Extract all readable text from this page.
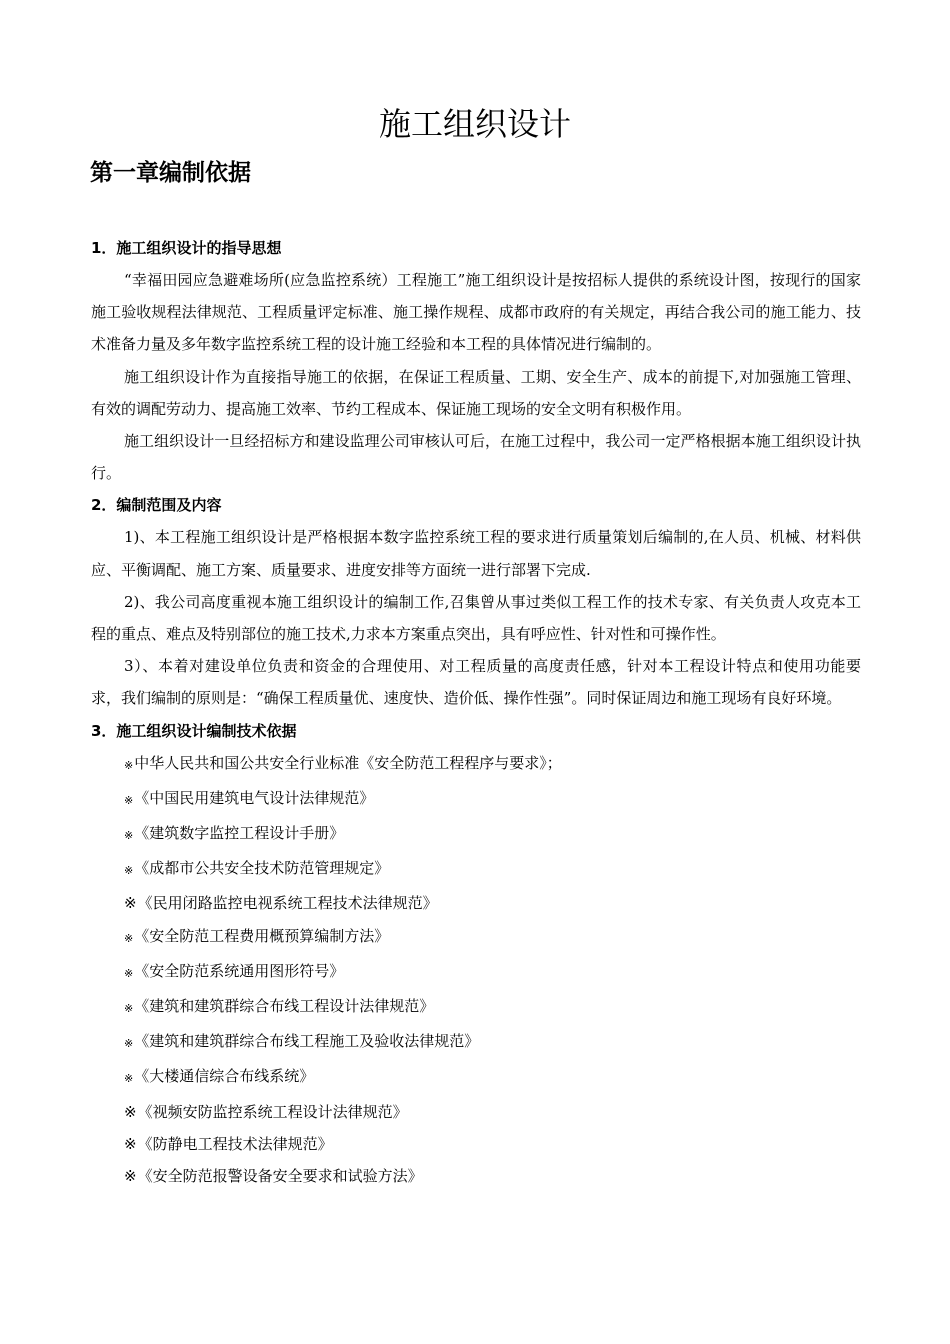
施工组织设计
第一章编制依据
1．施工组织设计的指导思想

“幸福田园应急避难场所(应急监控系统）工程施工”施工组织设计是按招标人提供的系统设计图，按现行的国家施工验收规程法律规范、工程质量评定标准、施工操作规程、成都市政府的有关规定，再结合我公司的施工能力、技术准备力量及多年数字监控系统工程的设计施工经验和本工程的具体情况进行编制的。

施工组织设计作为直接指导施工的依据，在保证工程质量、工期、安全生产、成本的前提下,对加强施工管理、有效的调配劳动力、提高施工效率、节约工程成本、保证施工现场的安全文明有积极作用。

施工组织设计一旦经招标方和建设监理公司审核认可后，在施工过程中，我公司一定严格根据本施工组织设计执行。

2．编制范围及内容

1)、本工程施工组织设计是严格根据本数字监控系统工程的要求进行质量策划后编制的,在人员、机械、材料供应、平衡调配、施工方案、质量要求、进度安排等方面统一进行部署下完成.

2)、我公司高度重视本施工组织设计的编制工作,召集曾从事过类似工程工作的技术专家、有关负责人攻克本工程的重点、难点及特别部位的施工技术,力求本方案重点突出，具有呼应性、针对性和可操作性。

3）、本着对建设单位负责和资金的合理使用、对工程质量的高度责任感，针对本工程设计特点和使用功能要求，我们编制的原则是：“确保工程质量优、速度快、造价低、操作性强”。同时保证周边和施工现场有良好环境。

3．施工组织设计编制技术依据
※中华人民共和国公共安全行业标准《安全防范工程程序与要求》；
※《中国民用建筑电气设计法律规范》
※《建筑数字监控工程设计手册》
※《成都市公共安全技术防范管理规定》
※《民用闭路监控电视系统工程技术法律规范》
※《安全防范工程费用概预算编制方法》
※《安全防范系统通用图形符号》
※《建筑和建筑群综合布线工程设计法律规范》
※《建筑和建筑群综合布线工程施工及验收法律规范》
※《大楼通信综合布线系统》
※《视频安防监控系统工程设计法律规范》
※《防静电工程技术法律规范》
※《安全防范报警设备安全要求和试验方法》
